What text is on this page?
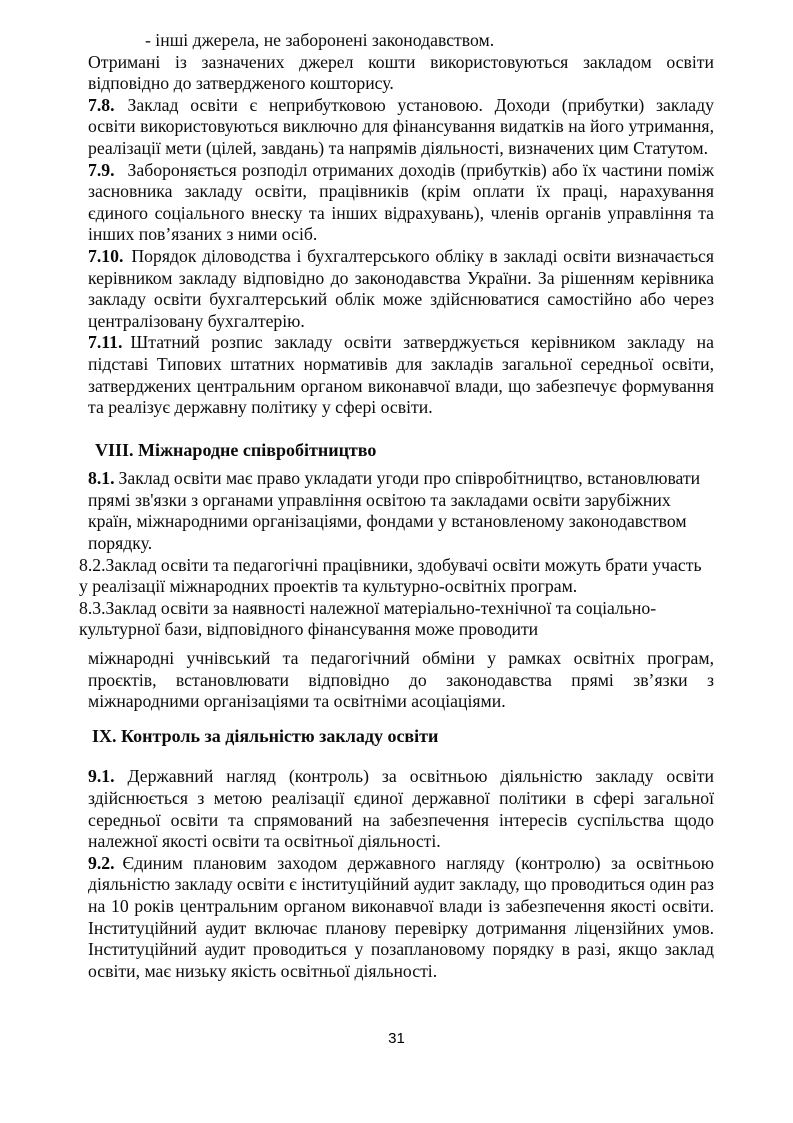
- інші джерела, не заборонені законодавством.

Отримані із зазначених джерел кошти використовуються закладом освіти відповідно до затвердженого кошторису.

7.8. Заклад освіти є неприбутковою установою. Доходи (прибутки) закладу освіти використовуються виключно для фінансування видатків на його утримання, реалізації мети (цілей, завдань) та напрямів діяльності, визначених цим Статутом.

7.9. Забороняється розподіл отриманих доходів (прибутків) або їх частини поміж засновника закладу освіти, працівників (крім оплати їх праці, нарахування єдиного соціального внеску та інших відрахувань), членів органів управління та інших пов’язаних з ними осіб.

7.10. Порядок діловодства і бухгалтерського обліку в закладі освіти визначається керівником закладу відповідно до законодавства України. За рішенням керівника закладу освіти бухгалтерський облік може здійснюватися самостійно або через централізовану бухгалтерію.

7.11. Штатний розпис закладу освіти затверджується керівником закладу на підставі Типових штатних нормативів для закладів загальної середньої освіти, затверджених центральним органом виконавчої влади, що забезпечує формування та реалізує державну політику у сфері освіти.

VIII. Міжнародне співробітництво

8.1. Заклад освіти має право укладати угоди про співробітництво, встановлювати прямі зв'язки з органами управління освітою та закладами освіти зарубіжних країн, міжнародними організаціями, фондами у встановленому законодавством порядку.

8.2.Заклад освіти та педагогічні працівники, здобувачі освіти можуть брати участь у реалізації міжнародних проектів та культурно-освітніх програм.

8.3.Заклад освіти за наявності належної матеріально-технічної та соціально-культурної бази, відповідного фінансування може проводити

міжнародні учнівський та педагогічний обміни у рамках освітніх програм, проєктів, встановлювати відповідно до законодавства прямі зв’язки з міжнародними організаціями та освітніми асоціаціями.

IX. Контроль за діяльністю закладу освіти

9.1. Державний нагляд (контроль) за освітньою діяльністю закладу освіти здійснюється з метою реалізації єдиної державної політики в сфері загальної середньої освіти та спрямований на забезпечення інтересів суспільства щодо належної якості освіти та освітньої діяльності.

9.2. Єдиним плановим заходом державного нагляду (контролю) за освітньою діяльністю закладу освіти є інституційний аудит закладу, що проводиться один раз на 10 років центральним органом виконавчої влади із забезпечення якості освіти. Інституційний аудит включає планову перевірку дотримання ліцензійних умов. Інституційний аудит проводиться у позаплановому порядку в разі, якщо заклад освіти, має низьку якість освітньої діяльності.

31
